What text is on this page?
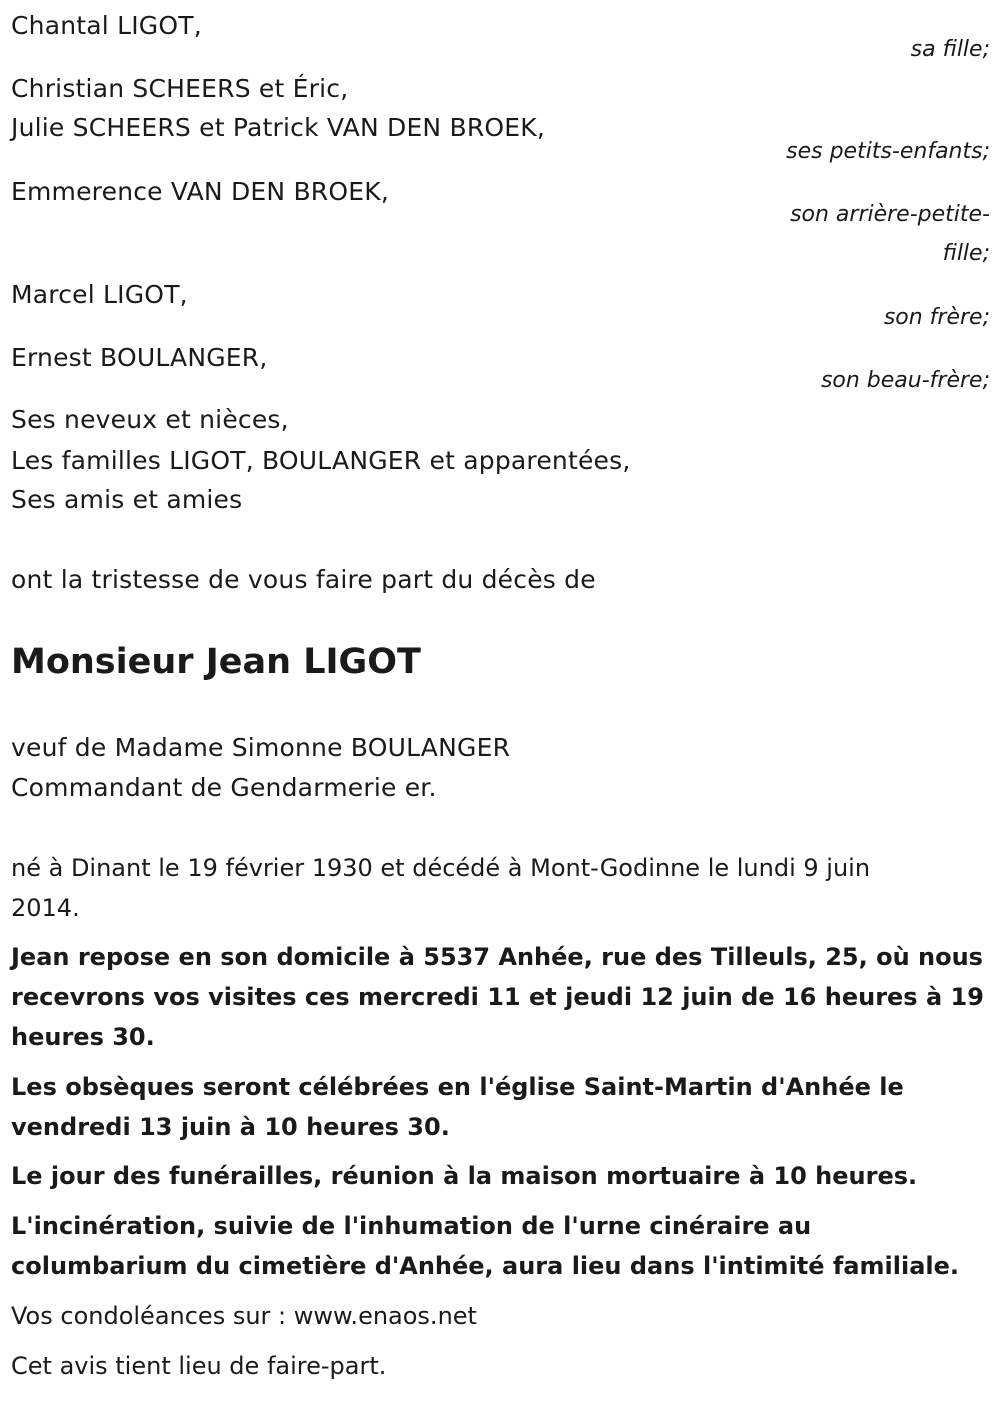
Chantal LIGOT,
sa fille;
Christian SCHEERS et Éric,
Julie SCHEERS et Patrick VAN DEN BROEK,
ses petits-enfants;
Emmerence VAN DEN BROEK,
son arrière-petite-
fille;
Marcel LIGOT,
son frère;
Ernest BOULANGER,
son beau-frère;
Ses neveux et nièces,
Les familles LIGOT, BOULANGER et apparentées,
Ses amis et amies
ont la tristesse de vous faire part du décès de
Monsieur Jean LIGOT
veuf de Madame Simonne BOULANGER
Commandant de Gendarmerie er.
né à Dinant le 19 février 1930 et décédé à Mont-Godinne le lundi 9 juin
2014.
Jean repose en son domicile à 5537 Anhée, rue des Tilleuls, 25, où nous
recevrons vos visites ces mercredi 11 et jeudi 12 juin de 16 heures à 19
heures 30.
Les obsèques seront célébrées en l'église Saint-Martin d'Anhée le
vendredi 13 juin à 10 heures 30.
Le jour des funérailles, réunion à la maison mortuaire à 10 heures.
L'incinération, suivie de l'inhumation de l'urne cinéraire au
columbarium du cimetière d'Anhée, aura lieu dans l'intimité familiale.
Vos condoléances sur : www.enaos.net
Cet avis tient lieu de faire-part.
